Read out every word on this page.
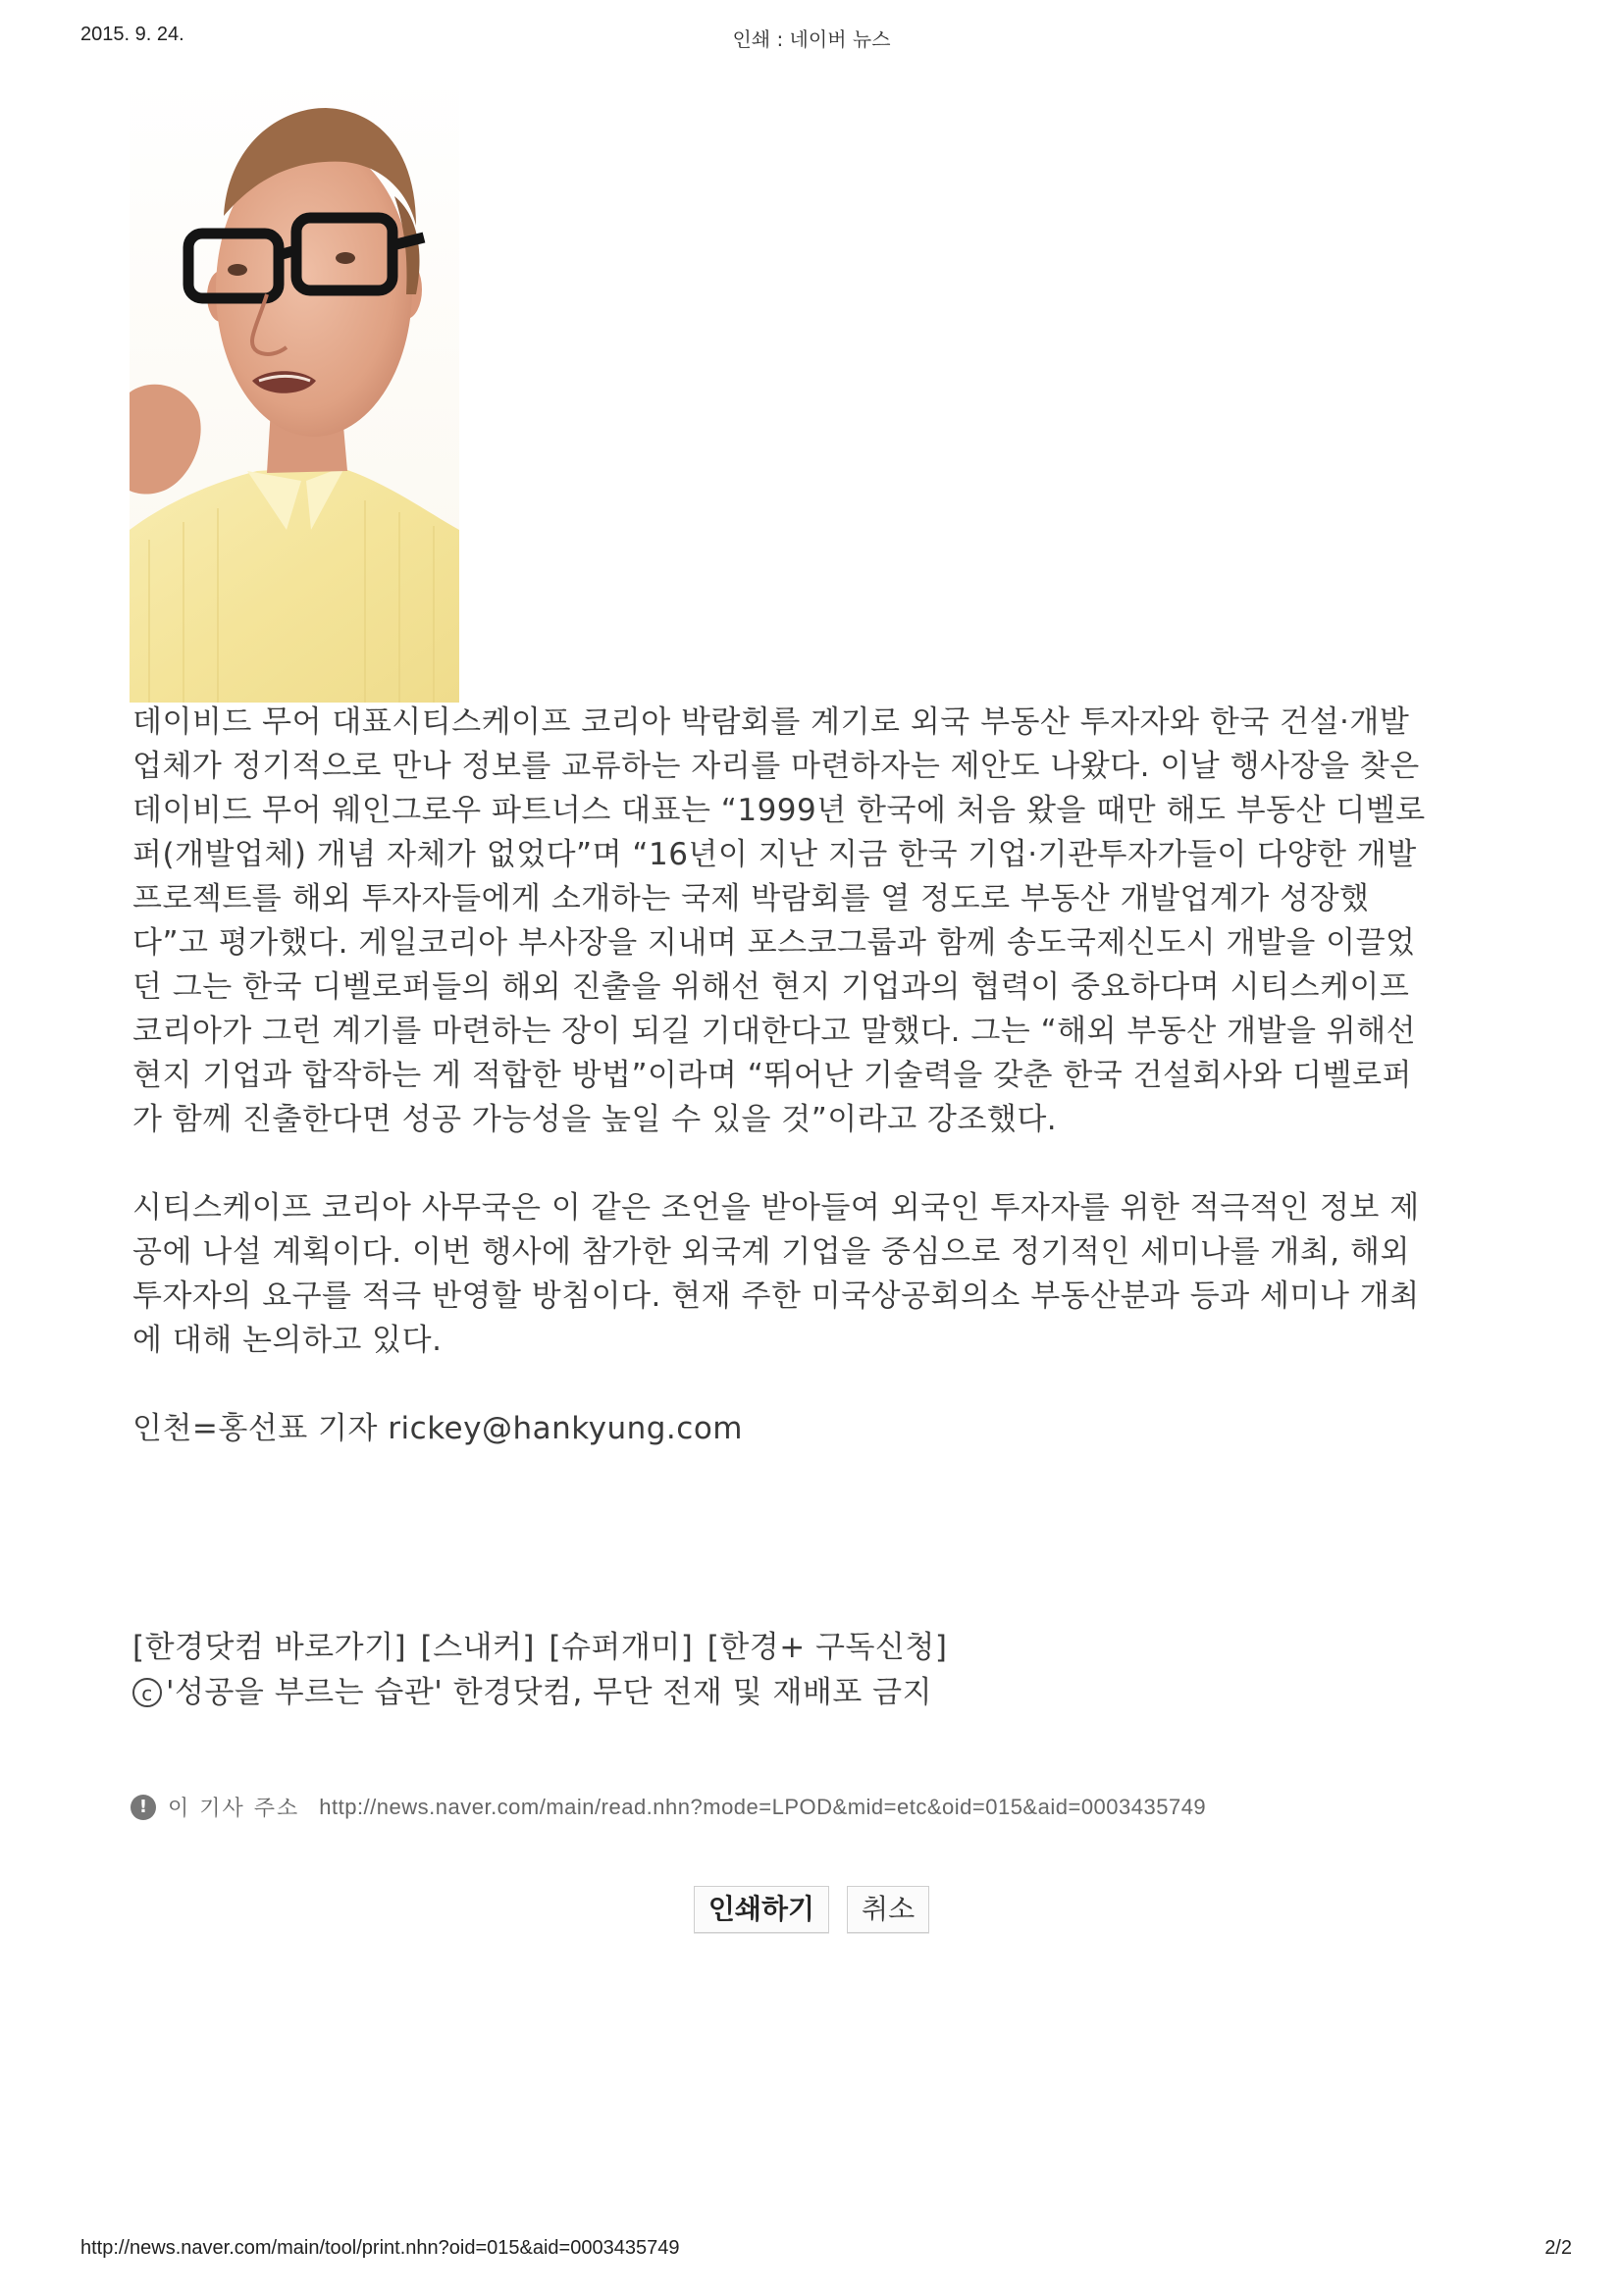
2015. 9. 24.	인쇄 : 네이버 뉴스

데이비드 무어 대표시티스케이프 코리아 박람회를 계기로 외국 부동산 투자자와 한국 건설·개발업체가 정기적으로 만나 정보를 교류하는 자리를 마련하자는 제안도 나왔다. 이날 행사장을 찾은 데이비드 무어 웨인그로우 파트너스 대표는 “1999년 한국에 처음 왔을 때만 해도 부동산 디벨로퍼(개발업체) 개념 자체가 없었다”며 “16년이 지난 지금 한국 기업·기관투자가들이 다양한 개발 프로젝트를 해외 투자자들에게 소개하는 국제 박람회를 열 정도로 부동산 개발업계가 성장했다”고 평가했다. 게일코리아 부사장을 지내며 포스코그룹과 함께 송도국제신도시 개발을 이끌었던 그는 한국 디벨로퍼들의 해외 진출을 위해선 현지 기업과의 협력이 중요하다며 시티스케이프 코리아가 그런 계기를 마련하는 장이 되길 기대한다고 말했다. 그는 “해외 부동산 개발을 위해선 현지 기업과 합작하는 게 적합한 방법”이라며 “뛰어난 기술력을 갖춘 한국 건설회사와 디벨로퍼가 함께 진출한다면 성공 가능성을 높일 수 있을 것”이라고 강조했다.

시티스케이프 코리아 사무국은 이 같은 조언을 받아들여 외국인 투자자를 위한 적극적인 정보 제공에 나설 계획이다. 이번 행사에 참가한 외국계 기업을 중심으로 정기적인 세미나를 개최, 해외 투자자의 요구를 적극 반영할 방침이다. 현재 주한 미국상공회의소 부동산분과 등과 세미나 개최에 대해 논의하고 있다.

인천=홍선표 기자 rickey@hankyung.com

[한경닷컴 바로가기] [스내커] [슈퍼개미] [한경+ 구독신청]
c '성공을 부르는 습관' 한경닷컴, 무단 전재 및 재배포 금지
! 이 기사 주소 http://news.naver.com/main/read.nhn?mode=LPOD&mid=etc&oid=015&aid=0003435749
인쇄하기	취소
http://news.naver.com/main/tool/print.nhn?oid=015&aid=0003435749	2/2
